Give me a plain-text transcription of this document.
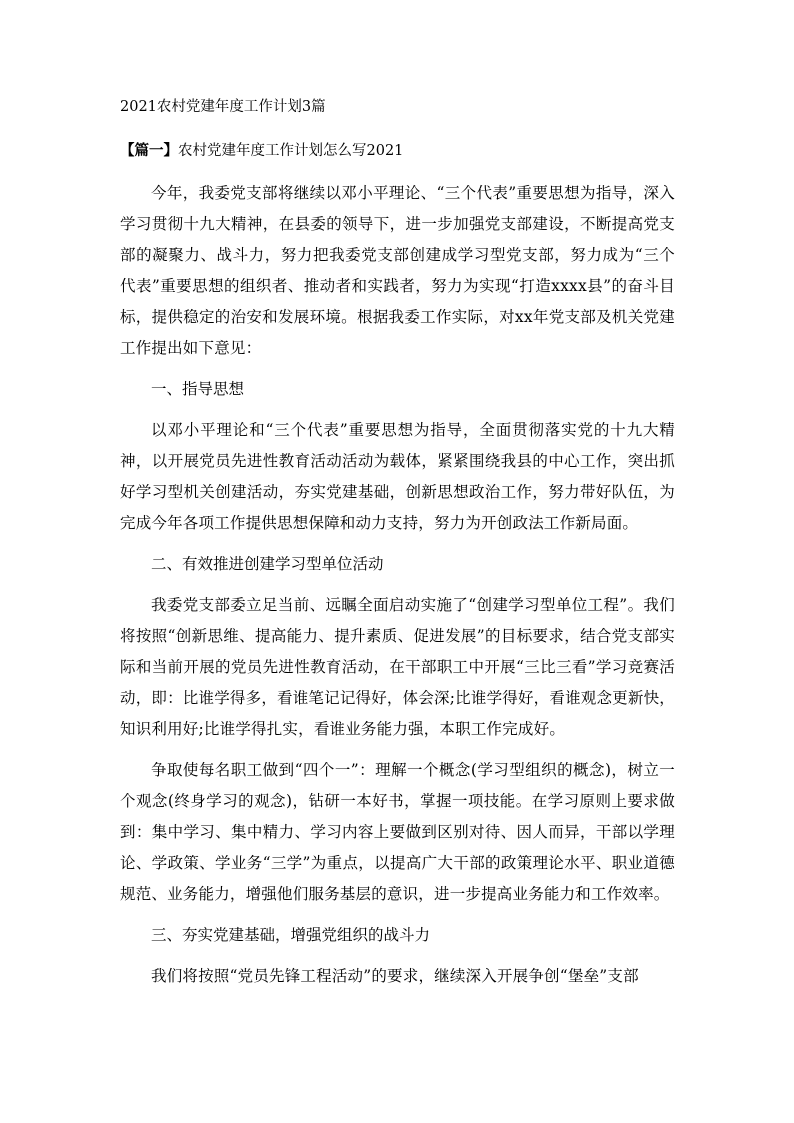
2021农村党建年度工作计划3篇
【篇一】农村党建年度工作计划怎么写2021

今年，我委党支部将继续以邓小平理论、“三个代表”重要思想为指导，深入学习贯彻十九大精神，在县委的领导下，进一步加强党支部建设，不断提高党支部的凝聚力、战斗力，努力把我委党支部创建成学习型党支部，努力成为“三个代表”重要思想的组织者、推动者和实践者，努力为实现“打造xxxx县”的奋斗目标，提供稳定的治安和发展环境。根据我委工作实际，对xx年党支部及机关党建工作提出如下意见：

一、指导思想

以邓小平理论和“三个代表”重要思想为指导，全面贯彻落实党的十九大精神，以开展党员先进性教育活动活动为载体，紧紧围绕我县的中心工作，突出抓好学习型机关创建活动，夯实党建基础，创新思想政治工作，努力带好队伍，为完成今年各项工作提供思想保障和动力支持，努力为开创政法工作新局面。

二、有效推进创建学习型单位活动

我委党支部委立足当前、远瞩全面启动实施了“创建学习型单位工程”。我们将按照“创新思维、提高能力、提升素质、促进发展”的目标要求，结合党支部实际和当前开展的党员先进性教育活动，在干部职工中开展“三比三看”学习竞赛活动，即：比谁学得多，看谁笔记记得好，体会深;比谁学得好，看谁观念更新快，知识利用好;比谁学得扎实，看谁业务能力强，本职工作完成好。

争取使每名职工做到“四个一”：理解一个概念(学习型组织的概念)，树立一个观念(终身学习的观念)，钻研一本好书，掌握一项技能。在学习原则上要求做到：集中学习、集中精力、学习内容上要做到区别对待、因人而异，干部以学理论、学政策、学业务“三学”为重点，以提高广大干部的政策理论水平、职业道德规范、业务能力，增强他们服务基层的意识，进一步提高业务能力和工作效率。

三、夯实党建基础，增强党组织的战斗力

我们将按照“党员先锋工程活动”的要求，继续深入开展争创“堡垒”支部
